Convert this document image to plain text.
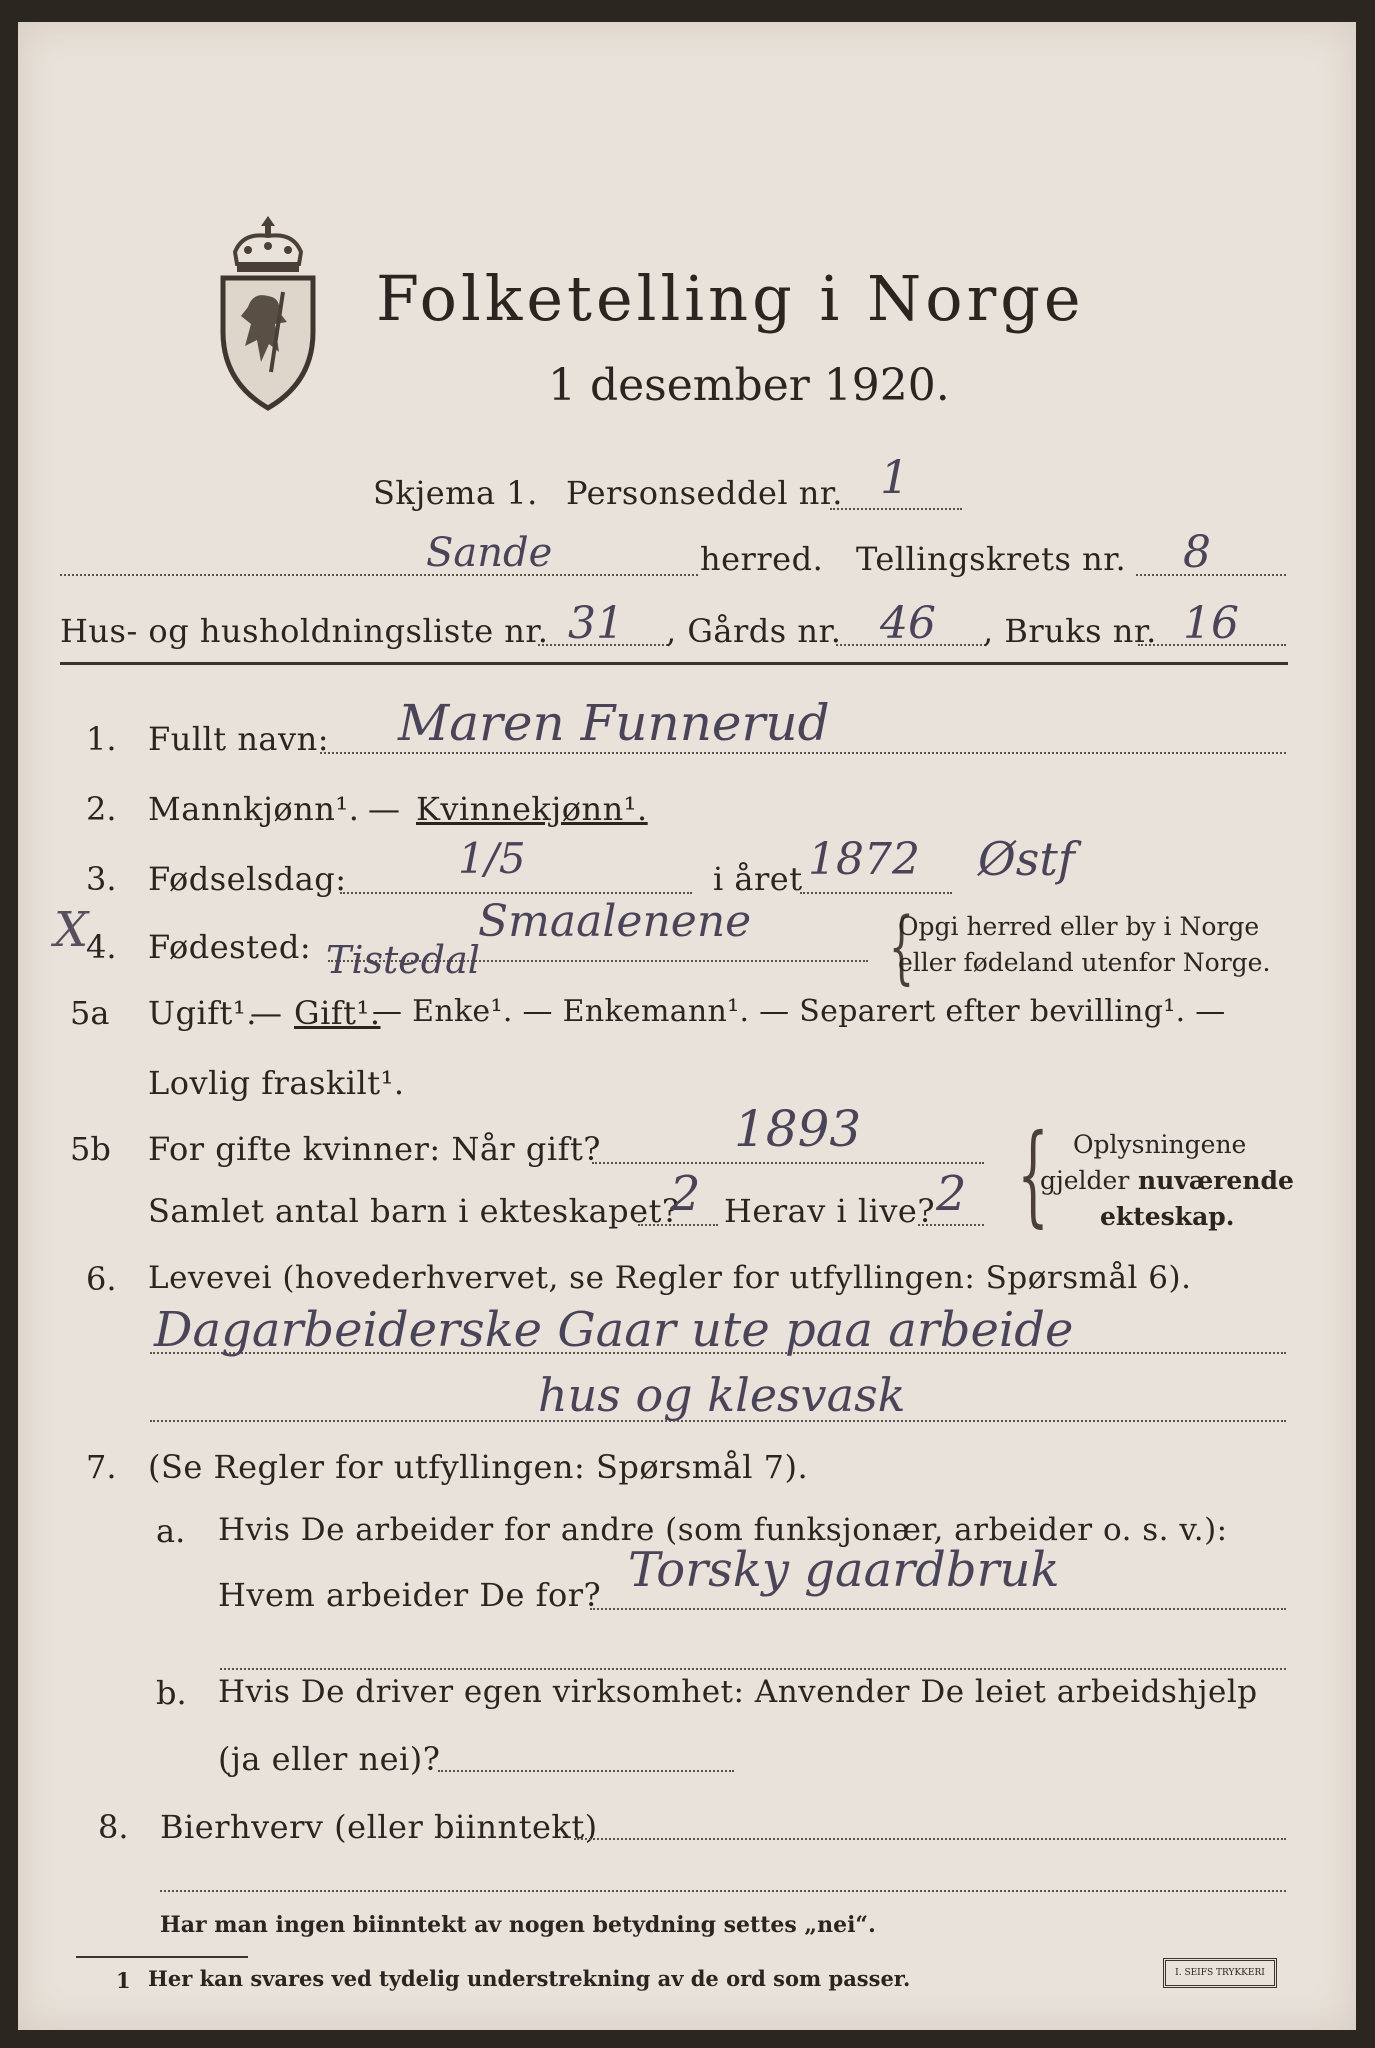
Folketelling i Norge
1 desember 1920.
Skjema 1. Personseddel nr. 1
Sande	herred. Tellingskrets nr. 8
Hus- og husholdningsliste nr. 31 , Gårds nr. 46 , Bruks nr. 16
1. Fullt navn: Maren Funnerud
2. Mannkjønn¹. — Kvinnekjønn¹.
3. Fødselsdag:	1/5	i året 1872 Østf
X
4. Fødested: Tistedal
Smaalenene {
Opgi herred eller by i Norge
eller fødeland utenfor Norge.
5a Ugift¹.
— Gift¹.
— Enke¹. — Enkemann¹. — Separert efter bevilling¹. —
Lovlig fraskilt¹.
5b For gifte kvinner: Når gift?	1893
Samlet antal barn i ekteskapet?
2 Herav i live? 2 { Oplysningene
gjelder nuværende
ekteskap.
6. Levevei (hovederhvervet, se Regler for utfyllingen: Spørsmål 6).
Dagarbeiderske Gaar ute paa arbeide
hus og klesvask
7. (Se Regler for utfyllingen: Spørsmål 7).
a. Hvis De arbeider for andre (som funksjonær, arbeider o. s. v.):
Hvem arbeider De for? Torsky gaardbruk
b. Hvis De driver egen virksomhet: Anvender De leiet arbeidshjelp
(ja eller nei)?
8. Bierhverv (eller biinntekt)
Har man ingen biinntekt av nogen betydning settes „nei“.
1 Her kan svares ved tydelig understrekning av de ord som passer.	I. SEIFS TRYKKERI
